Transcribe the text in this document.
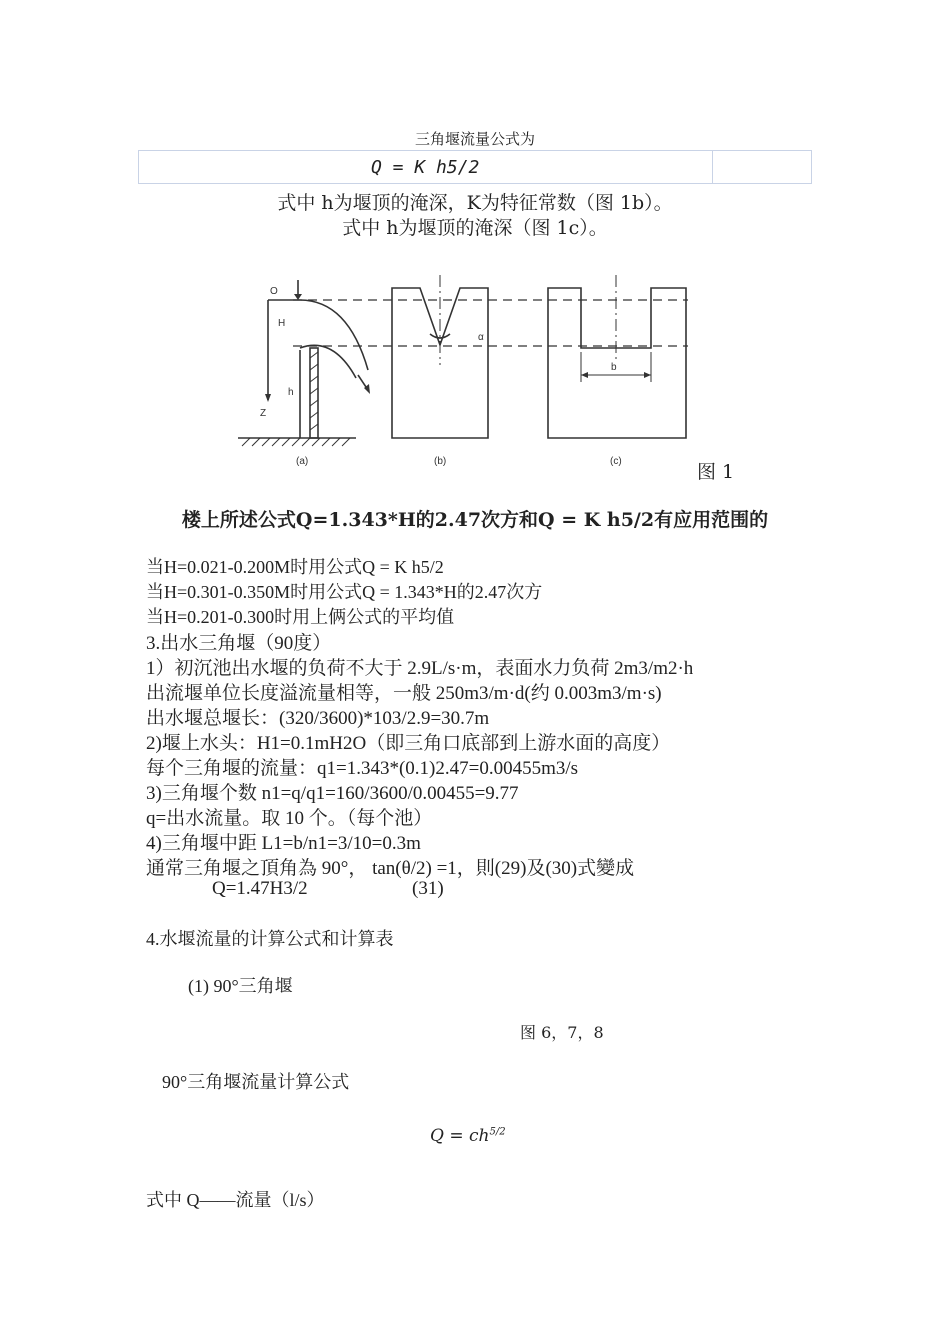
三角堰流量公式为
Q = K h5/2
式中 h为堰顶的淹深，K为特征常数（图 1b）。
式中 h为堰顶的淹深（图 1c）。
O
H
h
Z
α
b
(a)	(b)	(c)	图 1
楼上所述公式Q=1.343*H的2.47次方和Q = K h5/2有应用范围的
当H=0.021-0.200M时用公式Q = K h5/2
当H=0.301-0.350M时用公式Q = 1.343*H的2.47次方
当H=0.201-0.300时用上俩公式的平均值
3.出水三角堰（90度）
1）初沉池出水堰的负荷不大于 2.9L/s·m，表面水力负荷 2m3/m2·h
出流堰单位长度溢流量相等，一般 250m3/m·d(约 0.003m3/m·s)
出水堰总堰长：(320/3600)*103/2.9=30.7m
2)堰上水头：H1=0.1mH2O（即三角口底部到上游水面的高度）
每个三角堰的流量：q1=1.343*(0.1)2.47=0.00455m3/s
3)三角堰个数 n1=q/q1=160/3600/0.00455=9.77
q=出水流量。取 10 个。（每个池）
4)三角堰中距 L1=b/n1=3/10=0.3m
通常三角堰之頂角為 90°， tan(θ/2) =1，則(29)及(30)式變成
Q=1.47H3/2	(31)
4.水堰流量的计算公式和计算表
(1) 90°三角堰
图 6，7，8
90°三角堰流量计算公式
$Q = ch^{5/2}$
式中 Q——流量（l/s）
